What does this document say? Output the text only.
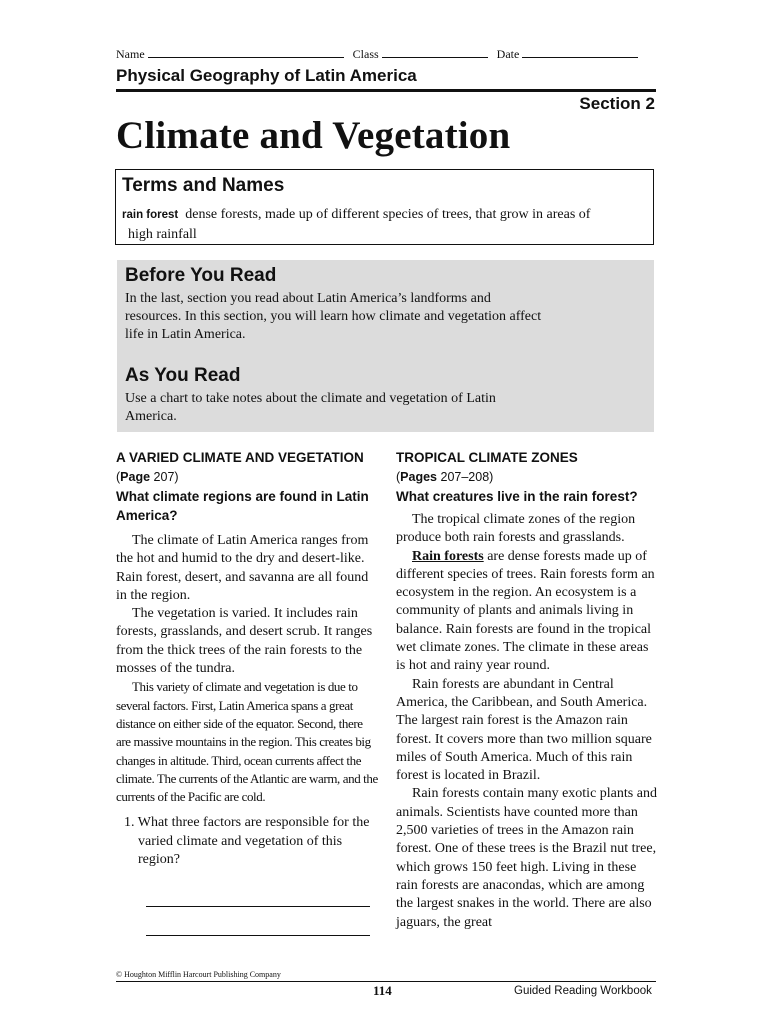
Name	Class	Date
Physical Geography of Latin America
Section 2
Climate and Vegetation
Terms and Names
rain forest dense forests, made up of different species of trees, that grow in areas of
high rainfall
Before You Read
In the last, section you read about Latin America’s landforms and resources. In this section, you will learn how climate and vegetation affect life in Latin America.
As You Read
Use a chart to take notes about the climate and vegetation of Latin America.
A VARIED CLIMATE AND VEGETATION (Page 207)
What climate regions are found in Latin America?

The climate of Latin America ranges from the hot and humid to the dry and desert-like. Rain forest, desert, and savanna are all found in the region.

The vegetation is varied. It includes rain forests, grasslands, and desert scrub. It ranges from the thick trees of the rain forests to the mosses of the tundra.

This variety of climate and vegetation is due to several factors. First, Latin America spans a great distance on either side of the equator. Second, there are massive mountains in the region. This creates big changes in altitude. Third, ocean currents affect the climate. The currents of the Atlantic are warm, and the currents of the Pacific are cold.

1. What three factors are responsible for the varied climate and vegetation of this region?
TROPICAL CLIMATE ZONES
(Pages 207–208)
What creatures live in the rain forest?

The tropical climate zones of the region produce both rain forests and grasslands.

Rain forests are dense forests made up of different species of trees. Rain forests form an ecosystem in the region. An ecosystem is a community of plants and animals living in balance. Rain forests are found in the tropical wet climate zones. The climate in these areas is hot and rainy year round.

Rain forests are abundant in Central America, the Caribbean, and South America. The largest rain forest is the Amazon rain forest. It covers more than two million square miles of South America. Much of this rain forest is located in Brazil.

Rain forests contain many exotic plants and animals. Scientists have counted more than 2,500 varieties of trees in the Amazon rain forest. One of these trees is the Brazil nut tree, which grows 150 feet high. Living in these rain forests are anacondas, which are among the largest snakes in the world. There are also jaguars, the great

© Houghton Mifflin Harcourt Publishing Company
114	Guided Reading Workbook
